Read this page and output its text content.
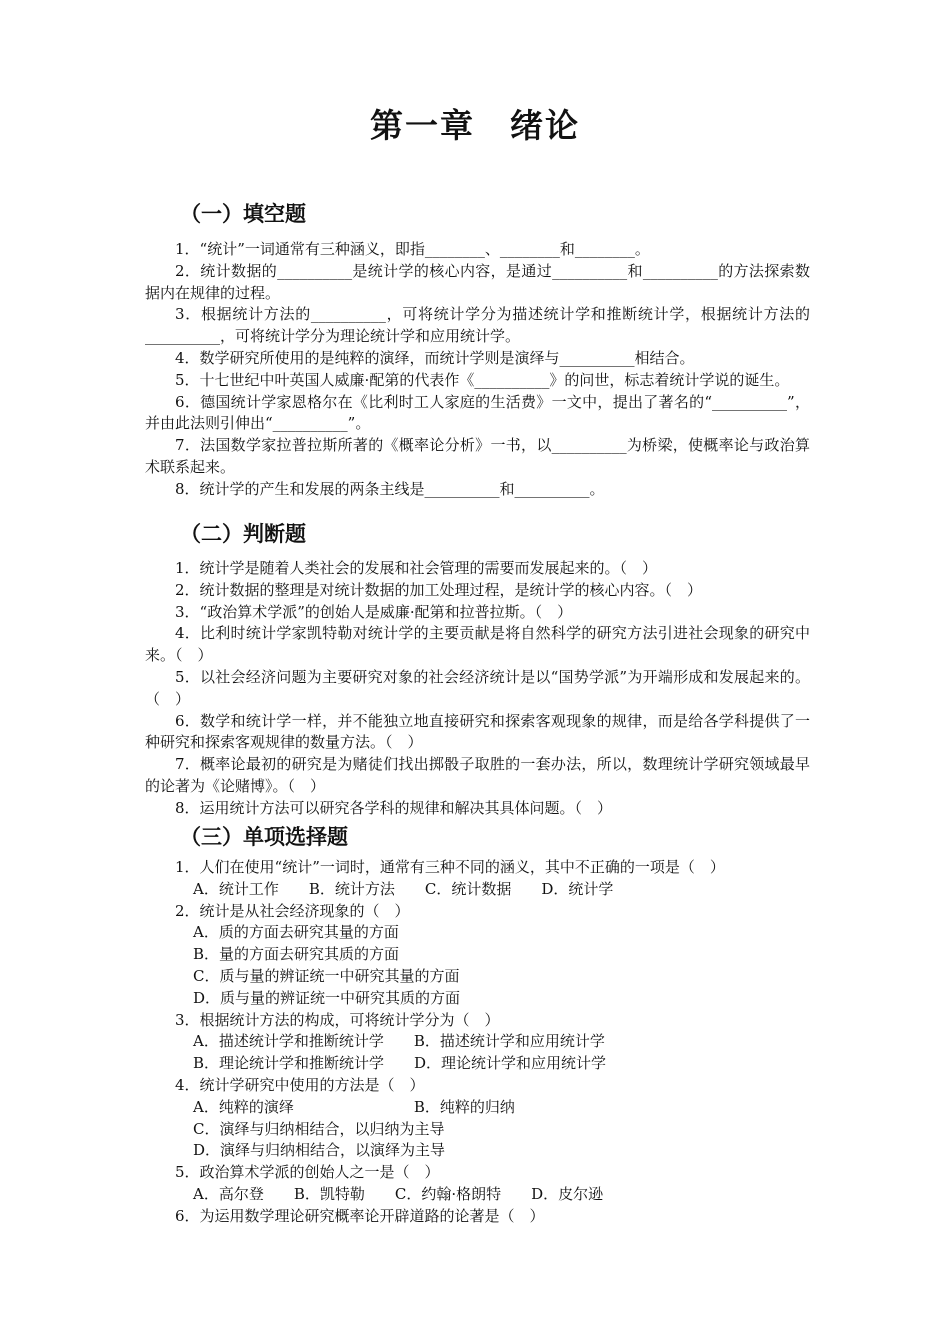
第一章　绪论
（一）填空题

1．“统计”一词通常有三种涵义，即指________、________和________。

2．统计数据的__________是统计学的核心内容，是通过__________和__________的方法探索数据内在规律的过程。

3．根据统计方法的__________，可将统计学分为描述统计学和推断统计学，根据统计方法的__________，可将统计学分为理论统计学和应用统计学。

4．数学研究所使用的是纯粹的演绎，而统计学则是演绎与__________相结合。

5．十七世纪中叶英国人威廉·配第的代表作《__________》的问世，标志着统计学说的诞生。

6．德国统计学家恩格尔在《比利时工人家庭的生活费》一文中，提出了著名的“__________”，并由此法则引伸出“__________”。

7．法国数学家拉普拉斯所著的《概率论分析》一书，以__________为桥梁，使概率论与政治算术联系起来。

8．统计学的产生和发展的两条主线是__________和__________。

（二）判断题

1．统计学是随着人类社会的发展和社会管理的需要而发展起来的。（　）

2．统计数据的整理是对统计数据的加工处理过程，是统计学的核心内容。（　）

3．“政治算术学派”的创始人是威廉·配第和拉普拉斯。（　）

4．比利时统计学家凯特勒对统计学的主要贡献是将自然科学的研究方法引进社会现象的研究中来。（　）

5．以社会经济问题为主要研究对象的社会经济统计是以“国势学派”为开端形成和发展起来的。（　）

6．数学和统计学一样，并不能独立地直接研究和探索客观现象的规律，而是给各学科提供了一种研究和探索客观规律的数量方法。（　）

7．概率论最初的研究是为赌徒们找出掷骰子取胜的一套办法，所以，数理统计学研究领域最早的论著为《论赌博》。（　）

8．运用统计方法可以研究各学科的规律和解决其具体问题。（　）

（三）单项选择题

1．人们在使用“统计”一词时，通常有三种不同的涵义，其中不正确的一项是（　）

A．统计工作　　B．统计方法　　C．统计数据　　D．统计学

2．统计是从社会经济现象的（　）

A．质的方面去研究其量的方面

B．量的方面去研究其质的方面

C．质与量的辨证统一中研究其量的方面

D．质与量的辨证统一中研究其质的方面

3．根据统计方法的构成，可将统计学分为（　）

A．描述统计学和推断统计学　　B．描述统计学和应用统计学

B．理论统计学和推断统计学　　D．理论统计学和应用统计学

4．统计学研究中使用的方法是（　）

A．纯粹的演绎　　　　　　　　B．纯粹的归纳

C．演绎与归纳相结合，以归纳为主导

D．演绎与归纳相结合，以演绎为主导

5．政治算术学派的创始人之一是（　）

A．高尔登　　B．凯特勒　　C．约翰·格朗特　　D．皮尔逊

6．为运用数学理论研究概率论开辟道路的论著是（　）
